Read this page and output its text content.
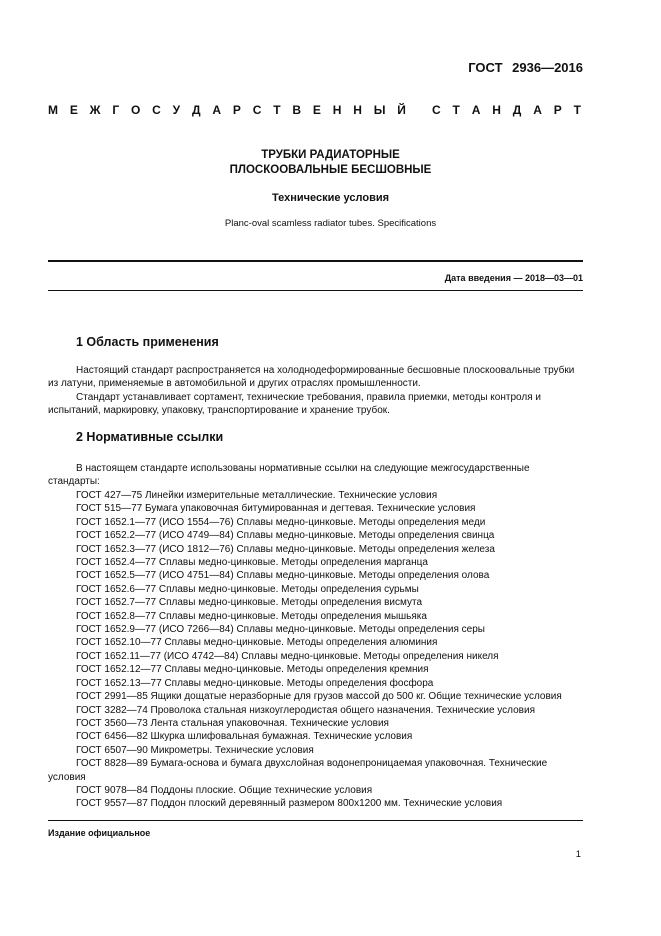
ГОСТ 2936—2016
М Е Ж Г О С У Д А Р С Т В Е Н Н Ы Й С Т А Н Д А Р Т
ТРУБКИ РАДИАТОРНЫЕ
ПЛОСКООВАЛЬНЫЕ БЕСШОВНЫЕ
Технические условия
Planc-oval scamless radiator tubes. Specifications
Дата введения — 2018—03—01
1 Область применения
Настоящий стандарт распространяется на холоднодеформированные бесшовные плоскоовальные трубки из латуни, применяемые в автомобильной и других отраслях промышленности.
Стандарт устанавливает сортамент, технические требования, правила приемки, методы контроля и испытаний, маркировку, упаковку, транспортирование и хранение трубок.
2 Нормативные ссылки
В настоящем стандарте использованы нормативные ссылки на следующие межгосударственные стандарты:
ГОСТ 427—75 Линейки измерительные металлические. Технические условия
ГОСТ 515—77 Бумага упаковочная битумированная и дегтевая. Технические условия
ГОСТ 1652.1—77 (ИСО 1554—76) Сплавы медно-цинковые. Методы определения меди
ГОСТ 1652.2—77 (ИСО 4749—84) Сплавы медно-цинковые. Методы определения свинца
ГОСТ 1652.3—77 (ИСО 1812—76) Сплавы медно-цинковые. Методы определения железа
ГОСТ 1652.4—77 Сплавы медно-цинковые. Методы определения марганца
ГОСТ 1652.5—77 (ИСО 4751—84) Сплавы медно-цинковые. Методы определения олова
ГОСТ 1652.6—77 Сплавы медно-цинковые. Методы определения сурьмы
ГОСТ 1652.7—77 Сплавы медно-цинковые. Методы определения висмута
ГОСТ 1652.8—77 Сплавы медно-цинковые. Методы определения мышьяка
ГОСТ 1652.9—77 (ИСО 7266—84) Сплавы медно-цинковые. Методы определения серы
ГОСТ 1652.10—77 Сплавы медно-цинковые. Методы определения алюминия
ГОСТ 1652.11—77 (ИСО 4742—84) Сплавы медно-цинковые. Методы определения никеля
ГОСТ 1652.12—77 Сплавы медно-цинковые. Методы определения кремния
ГОСТ 1652.13—77 Сплавы медно-цинковые. Методы определения фосфора
ГОСТ 2991—85 Ящики дощатые неразборные для грузов массой до 500 кг. Общие технические условия
ГОСТ 3282—74 Проволока стальная низкоуглеродистая общего назначения. Технические условия
ГОСТ 3560—73 Лента стальная упаковочная. Технические условия
ГОСТ 6456—82 Шкурка шлифовальная бумажная. Технические условия
ГОСТ 6507—90 Микрометры. Технические условия
ГОСТ 8828—89 Бумага-основа и бумага двухслойная водонепроницаемая упаковочная. Технические условия
ГОСТ 9078—84 Поддоны плоские. Общие технические условия
ГОСТ 9557—87 Поддон плоский деревянный размером 800x1200 мм. Технические условия
Издание официальное
1
